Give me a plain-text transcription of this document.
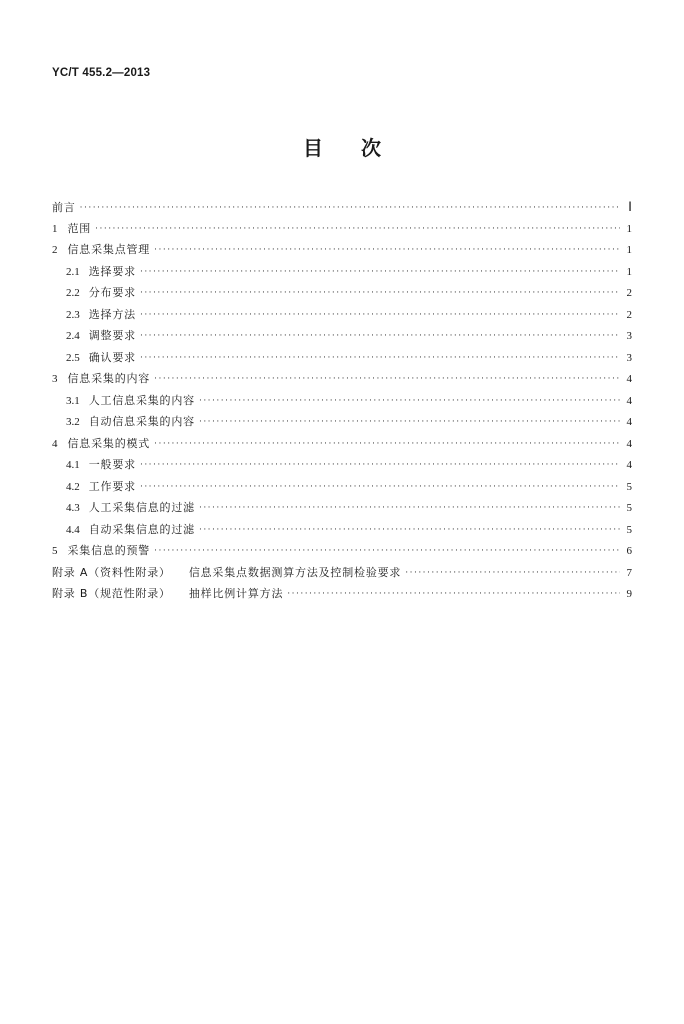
YC/T 455.2—2013
目 次
前言 ·····	Ⅰ
1 范围 ·····	1
2 信息采集点管理 ·····	1
2.1 选择要求 ·····	1
2.2 分布要求 ·····	2
2.3 选择方法 ·····	2
2.4 调整要求 ·····	3
2.5 确认要求 ·····	3
3 信息采集的内容 ·····	4
3.1 人工信息采集的内容 ·····	4
3.2 自动信息采集的内容 ·····	4
4 信息采集的模式 ·····	4
4.1 一般要求 ·····	4
4.2 工作要求 ·····	5
4.3 人工采集信息的过滤 ·····	5
4.4 自动采集信息的过滤 ·····	5
5 采集信息的预警 ·····	6
附录 A（资料性附录） 信息采集点数据测算方法及控制检验要求 ·····	7
附录 B（规范性附录） 抽样比例计算方法 ·····	9
